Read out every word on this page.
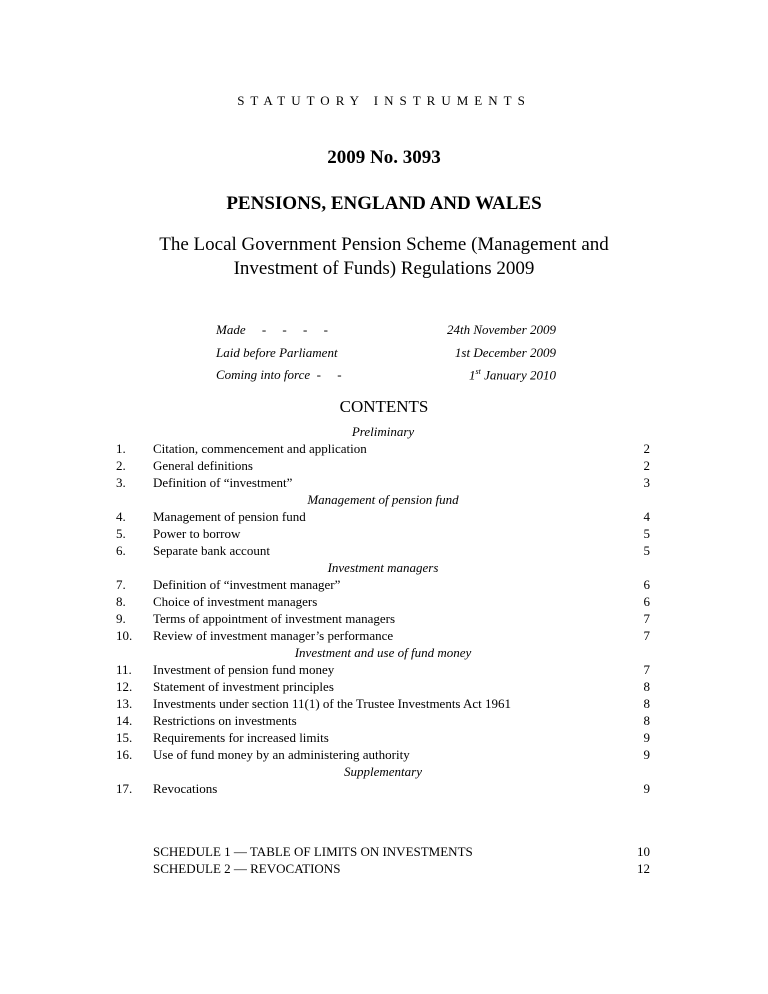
STATUTORY INSTRUMENTS
2009 No. 3093
PENSIONS, ENGLAND AND WALES
The Local Government Pension Scheme (Management and Investment of Funds) Regulations 2009
Made     -     -     -     -	24th November 2009
Laid before Parliament	1st December 2009
Coming into force  -     -	1st January 2010
CONTENTS
Preliminary
1. Citation, commencement and application	2
2. General definitions	2
3. Definition of “investment”	3
Management of pension fund
4. Management of pension fund	4
5. Power to borrow	5
6. Separate bank account	5
Investment managers
7. Definition of “investment manager”	6
8. Choice of investment managers	6
9. Terms of appointment of investment managers	7
10. Review of investment manager’s performance	7
Investment and use of fund money
11. Investment of pension fund money	7
12. Statement of investment principles	8
13. Investments under section 11(1) of the Trustee Investments Act 1961	8
14. Restrictions on investments	8
15. Requirements for increased limits	9
16. Use of fund money by an administering authority	9
Supplementary
17. Revocations	9
SCHEDULE 1 — TABLE OF LIMITS ON INVESTMENTS	10
SCHEDULE 2 — REVOCATIONS	12
